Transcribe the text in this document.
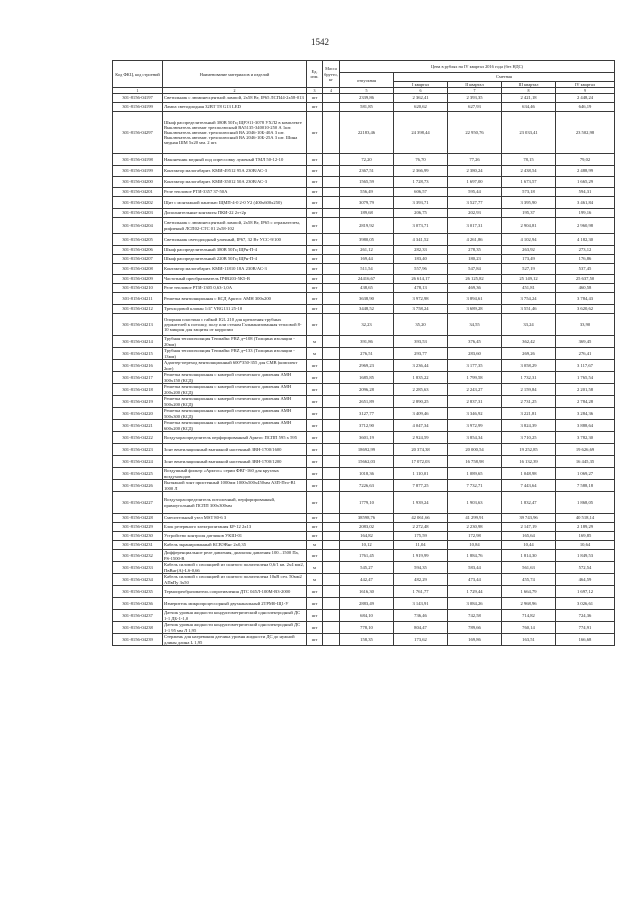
1542
Код ФКЦ, код строений	Наименование материалов и изделий	Ед. изм.	Масса брутто, кг	Цена в рублях на IV квартал 2016 года (без НДС)				
				отпускная	Сметная			
					I квартал	II квартал	III квартал	IV квартал
1	2	3	4	5	6	7	8	9
301-8156-04197	Светильник с люминесцентной лампой, 2х58 Вт, IP65 ЛСП44-2х58-013	шт		2339,86	2 362,41	2 393,35	2 421,18	2 448,24
301-8156-04199	Лампа светодиодная 32ВТ Т8 G13 LED	шт		581,85	620,62	627,93	634,46	646,19
301-8156-04297	Шкаф распределительный 380В 50Гц ЩРЭ11-3078 УХЛ2 в комплекте Выключатель автомат трехполюсный ВА5135-340010-250 А 1шт. Выключатель автомат. трехполюсный ВА 2046-10Б-40А 3 шт. Выключатель автомат. трехполюсный ВА 2046-10Б-25А 3 шт. Шина медная ШМ 5х20 мм. 2 шт.	шт		22183,46	24 398,44	22 950,76	23 033,41	23 502,98
301-8156-04198	Наконечник медный под опрессовку луженый ТМЛ 50-12-10	шт		72,20	76,70	77,26	78,15	79,02
301-8156-04199	Контактор малогабарит. КМИ-49512 95А 230В/АС-3	шт		2367,51	2 366,99	2 380,24	2 438,54	2 488,99
301-8156-04200	Контактор малогабарит. КМИ-35012 50А 230В/АС-3	шт		1565,59	1 728,73	1 697,00	1 673,57	1 665,29
301-8156-04201	Реле тепловое РТИ-3357 37-50А	шт		556,49	606,57	595,44	573,18	594,31
301-8156-04202	Щит с монтажной панелью ЩМП-4-0 2-0 У2 (400х600х250)	шт		3079,79	3 393,71	3 527,77	3 395,90	3 461,84
301-8156-04203	Дополнительные контакты ПКИ-22 2з+2р	шт		189,68	206,75	202,93	195,37	199,16
301-8156-04204	Светильник с люминесцентной лампой, 2х58 Вт, IP65 с отражателем, рифленый ЛСП02-СТС 01 2х58-102	шт		2819,92	3 073,71	3 017,31	2 904,81	2 960,98
301-8156-04205	Светильник светодиодный уличный, IP67, 32 Вт УСС-9/100	шт		3980,05	4 341,52	4 261,86	4 102,94	4 182,30
301-8156-04206	Шкаф распределительный 380В 50Гц ЩРн-П-4	шт		261,12	282,33	278,35	263,92	273,12
301-8156-04207	Шкаф распределительный 220В 50Гц ЩРн-П-4	шт		169,44	183,40	180,23	173,49	176,86
301-8156-04208	Контактор малогабарит. КМИ-11810 18А 230В/АС-3	шт		511,54	557,96	547,84	527,19	537,45
301-8156-04209	Частотный преобразователь ПЧВ203-5К5-В	шт		24416,67	26 614,17	26 125,82	25 149,12	25 637,50
301-8156-04210	Реле тепловое РТИ-1305 0,63-1,0А	шт		438,65	478,13	469,36	451,81	460,58
301-8156-04211	Решетка вентиляционная с КСД Арктос АМН 300х200	шт		3638,90	3 972,98	3 894,61	3 754,24	3 784,43
301-8156-04212	Трехходовой клапан 1/4" VRG131 25-10	шт		3448,52	3 758,24	3 689,28	3 551,46	3 620,62
301-8156-04213	Опорная пластина с гайкой IGL 210 для крепления трубных держателей к потолку, полу или стенам Гальванизованная тепловой 8-10 микрон для защиты от коррозии	шт		32,23	35,20	34,55	33,24	33,90
301-8156-04214	Трубная теплоизоляция Тепмайкс FRZ д=108 (Толщина изоляции - 20мм)	м		391,86	393,53	376,45	362,42	369,45
301-8156-04215	Трубная теплоизоляция Тепмайкс FRZ д=133 (Толщина изоляции - 13мм)	м		276,51	293,77	283,60	269,26	276,41
301-8156-04216	Адаптер-переход вентиляционный 600*350-355 для СМВ (комплект 2шт)	шт		2969,23	3 236,44	3 177,35	3 058,29	3 117,67
301-8156-04217	Решетка вентиляционная с камерой статического давления АМН 300х150 (КСД)	шт		1685,85	1 835,22	1 799,58	1 732,31	1 765,54
301-8156-04218	Решетка вентиляционная с камерой статического давления АМН 200х200 (КСД)	шт		2096,28	2 285,63	2 243,27	2 159,84	2 201,58
301-8156-04219	Решетка вентиляционная с камерой статического давления АМН 500х200 (КСД)	шт		2651,89	2 890,25	2 837,31	2 731,25	2 784,28
301-8156-04220	Решетка вентиляционная с камерой статического давления АМН 500х300 (КСД)	шт		3127,77	3 409,46	3 346,92	3 221,81	3 284,36
301-8156-04221	Решетка вентиляционная с камерой статического давления АМН 600х200 (КСД)	шт		3712,90	4 047,34	3 972,99	3 824,39	3 888,64
301-8156-04222	Воздухораспределитель перфорированный Арктос ПСПП 595 х 595	шт		3601,19	2 924,59	3 854,34	3 710,25	3 782,30
301-8156-04223	Зонт вентиляционный вытяжной настенный ЗВН-1700/1600	шт		18692,99	20 374,38	20 000,54	19 252,85	19 626,69
301-8156-04224	Зонт вентиляционный вытяжной настенный ЗВН-1700/1200	шт		15662,03	17 072,03	16 758,98	16 132,39	16 445,35
301-8156-04225	Воздушный фильтр «Арктос» серии ФВГ-160 для круглых воздуховодов	шт		1018,36	1 110,01	1 089,65	1 048,98	1 069,27
301-8156-04226	Вытяжной зонт пристенный 1000мм 1000х500х450мм АЗП-Пто-В1 1000 Л	шт		7226,63	7 877,25	7 732,71	7 443,64	7 588,18
301-8156-04227	Воздухораспределитель потолочный, перфорированный, прямоугольный ПСПП 300х300мм	шт		1779,10	1 939,24	1 903,63	1 832,47	1 868,05
301-8156-04228	Смесительный узел MST 80-6 3	шт		38598,76	42 061,66	41 299,91	39 743,96	40 518,14
301-8156-04229	Блок резервного электропитания БР-12 2х13	шт		2083,02	2 272,48	2 230,98	2 147,19	2 189,29
301-8156-04230	Устройство контроля датчиков УКШ-01	шт		164,82	175,59	172,98	165,64	169,85
301-8156-04231	Кабель экранированный КСВЭВнг 2х0,35	м		10,12	11,04	10,84	10,44	10,64
301-8156-04232	Дифференциальное реле давления, диапазон давления 100...1500 Па, PS-1500-B	шт		1761,45	1 919,99	1 884,76	1 814,30	1 849,53
301-8156-04233	Кабель силовой с изоляцией из сшитого полиэтилена 0,6/1 кв. 2х4 мм2, ПвВнг(А)-LS-0,66	м		545,27	594,35	583,44	561,63	572,54
301-8156-04234	Кабель силовой с изоляцией из сшитого полиэтилена 10кВ сеч. 50мм2 АПвПу 3х50	м		442,47	482,29	473,44	455,74	464,59
301-8156-04235	Термопреобразователь сопротивления ДТС 045Л-100М-В3-2000	шт		1616,30	1 761,77	1 729,44	1 664,79	1 697,12
301-8156-04236	Измеритель микропроцессорный двухканальный 2ТРМ0-Щ1-У	шт		2883,49	3 143,91	3 084,26	2 968,96	3 026,61
301-8156-04237	Датчик уровня жидкости кондуктометрический одноэлектродный ДС 1-1 ДБ-1-1,0	шт		684,10	736,46	742,58	714,82	724,36
301-8156-04238	Датчик уровня жидкости кондуктометрический одноэлектродный ДС 1-1 95 мм Л 1,95	шт		778,10	804,47	789,66	760,14	774,91
301-8156-04239	Стержень для нагревания датчика уровня жидкости ДС до нужной длины длина L 1,95	шт		158,35	173,62	169,86	163,51	166,68
